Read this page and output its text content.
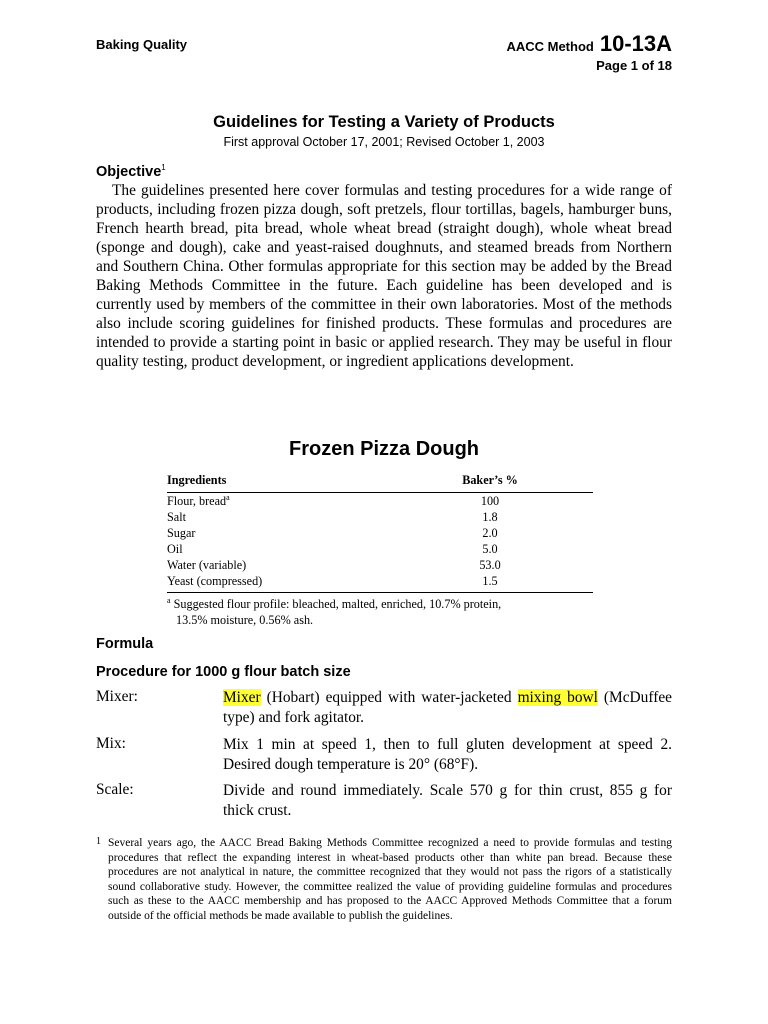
Baking Quality	AACC Method 10-13A
Page 1 of 18
Guidelines for Testing a Variety of Products
First approval October 17, 2001; Revised October 1, 2003
Objective$^1$
The guidelines presented here cover formulas and testing procedures for a wide range of products, including frozen pizza dough, soft pretzels, flour tortillas, bagels, hamburger buns, French hearth bread, pita bread, whole wheat bread (straight dough), whole wheat bread (sponge and dough), cake and yeast-raised doughnuts, and steamed breads from Northern and Southern China. Other formulas appropriate for this section may be added by the Bread Baking Methods Committee in the future. Each guideline has been developed and is currently used by members of the committee in their own laboratories. Most of the methods also include scoring guidelines for finished products. These formulas and procedures are intended to provide a starting point in basic or applied research. They may be useful in flour quality testing, product development, or ingredient applications development.
Frozen Pizza Dough
Ingredients	Baker’s %
Flour, bread$^a$	100
Salt	1.8
Sugar	2.0
Oil	5.0
Water (variable)	53.0
Yeast (compressed)	1.5
$^a$ Suggested flour profile: bleached, malted, enriched, 10.7% protein,
13.5% moisture, 0.56% ash.
Formula
Procedure for 1000 g flour batch size
Mixer:	Mixer (Hobart) equipped with water-jacketed mixing bowl (McDuffee type) and fork agitator.
Mix:	Mix 1 min at speed 1, then to full gluten development at speed 2. Desired dough temperature is 20° (68°F).
Scale:	Divide and round immediately. Scale 570 g for thin crust, 855 g for thick crust.
1 Several years ago, the AACC Bread Baking Methods Committee recognized a need to provide formulas and testing procedures that reflect the expanding interest in wheat-based products other than white pan bread. Because these procedures are not analytical in nature, the committee recognized that they would not pass the rigors of a statistically sound collaborative study. However, the committee realized the value of providing guideline formulas and procedures such as these to the AACC membership and has proposed to the AACC Approved Methods Committee that a forum outside of the official methods be made available to publish the guidelines.
